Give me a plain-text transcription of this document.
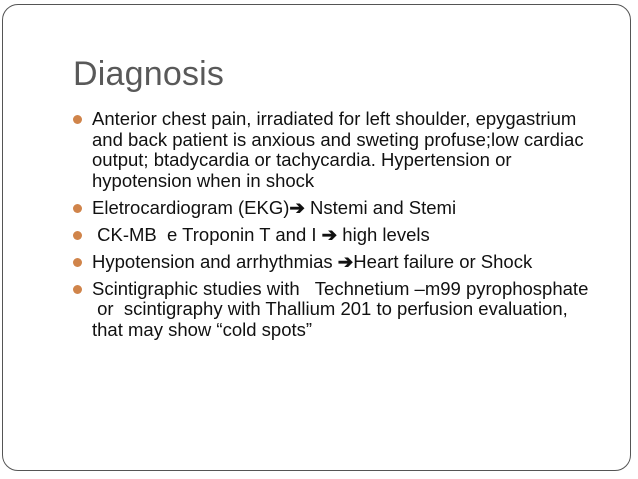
Diagnosis
Anterior chest pain, irradiated for left shoulder, epygastrium and back patient is anxious and sweting profuse;low cardiac output; btadycardia or tachycardia. Hypertension or hypotension when in shock
Eletrocardiogram (EKG)➔ Nstemi and Stemi
CK-MB  e Troponin T and I ➔ high levels
Hypotension and arrhythmias ➔Heart failure or Shock
Scintigraphic studies with   Technetium –m99 pyrophosphate  or  scintigraphy with Thallium 201 to perfusion evaluation, that may show “cold spots”
